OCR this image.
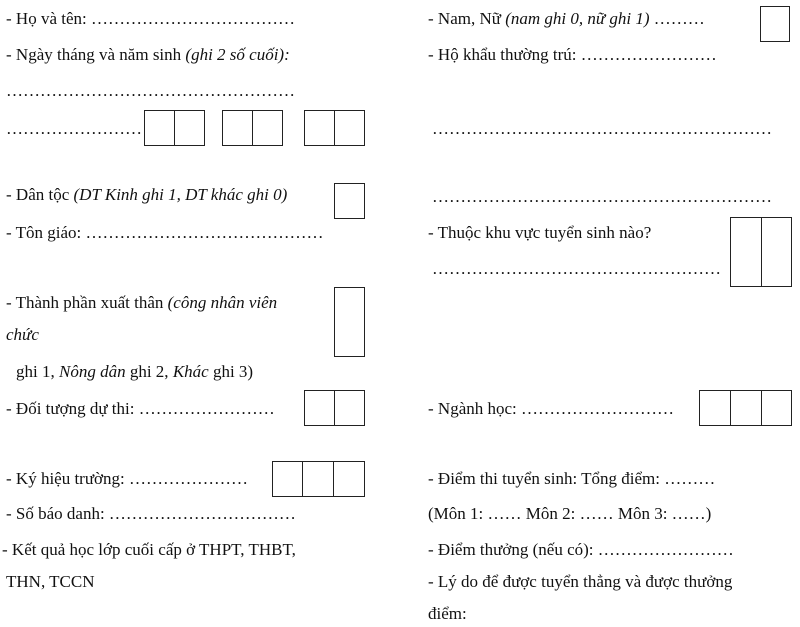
- Họ và tên: ………………………………
- Ngày tháng và năm sinh (ghi 2 số cuối):
……………………………………………
……………………
- Dân tộc (DT Kinh ghi 1, DT khác ghi 0)
- Tôn giáo: ……………………………………
- Thành phần xuất thân (công nhân viên
chức
ghi 1, Nông dân ghi 2, Khác ghi 3)
- Đối tượng dự thi: ……………………
- Ký hiệu trường: …………………
- Số báo danh: ……………………………
- Kết quả học lớp cuối cấp ở THPT, THBT,
THN, TCCN
- Nam, Nữ (nam ghi 0, nữ ghi 1) ………
- Hộ khẩu thường trú: ……………………
……………………………………………………
……………………………………………………
- Thuộc khu vực tuyển sinh nào?
……………………………………………
- Ngành học: ………………………
- Điểm thi tuyển sinh: Tổng điểm: ………
(Môn 1: …… Môn 2: …… Môn 3: ……)
- Điểm thưởng (nếu có): ……………………
- Lý do để được tuyển thẳng và được thưởng
điểm:
